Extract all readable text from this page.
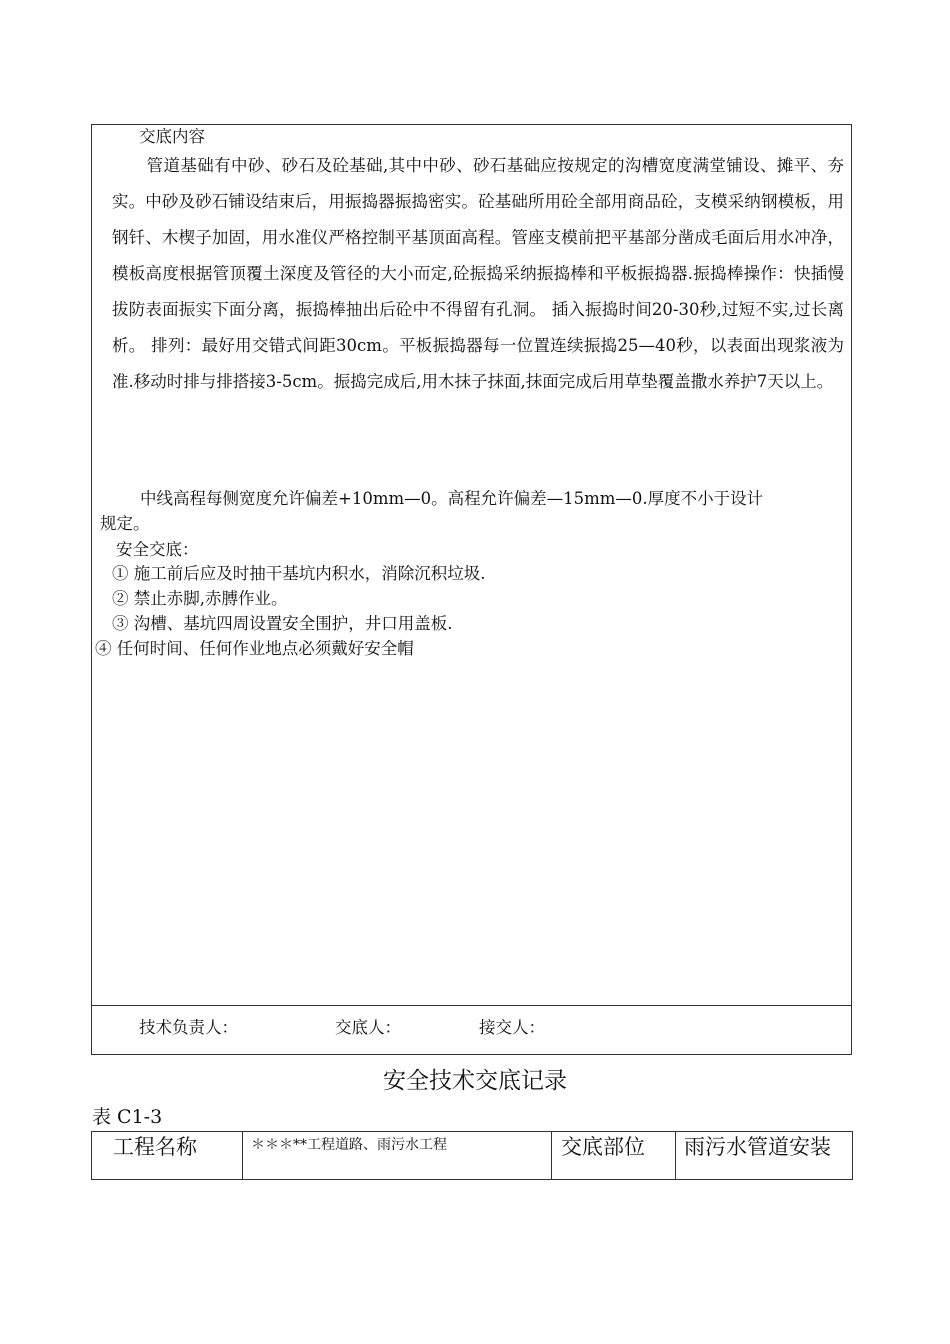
交底内容
管道基础有中砂、砂石及砼基础,其中中砂、砂石基础应按规定的沟槽宽度满堂铺设、摊平、夯实。中砂及砂石铺设结束后，用振捣器振捣密实。砼基础所用砼全部用商品砼，支模采纳钢模板，用钢钎、木楔子加固，用水准仪严格控制平基顶面高程。管座支模前把平基部分凿成毛面后用水冲净，模板高度根据管顶覆土深度及管径的大小而定,砼振捣采纳振捣棒和平板振捣器.振捣棒操作：快插慢拔防表面振实下面分离，振捣棒抽出后砼中不得留有孔洞。 插入振捣时间20-30秒,过短不实,过长离析。 排列：最好用交错式间距30cm。平板振捣器每一位置连续振捣25—40秒，以表面出现浆液为准.移动时排与排搭接3-5cm。振捣完成后,用木抹子抹面,抹面完成后用草垫覆盖撒水养护7天以上。
中线高程每侧宽度允许偏差+10mm—0。高程允许偏差—15mm—0.厚度不小于设计
规定。
安全交底：
① 施工前后应及时抽干基坑内积水，消除沉积垃圾.
② 禁止赤脚,赤膊作业。
③ 沟槽、基坑四周设置安全围护，井口用盖板.
④ 任何时间、任何作业地点必须戴好安全帽
技术负责人：	交底人：	接交人：
安全技术交底记录
表 C1-3
工程名称	＊＊＊**工程道路、雨污水工程	交底部位	雨污水管道安装
